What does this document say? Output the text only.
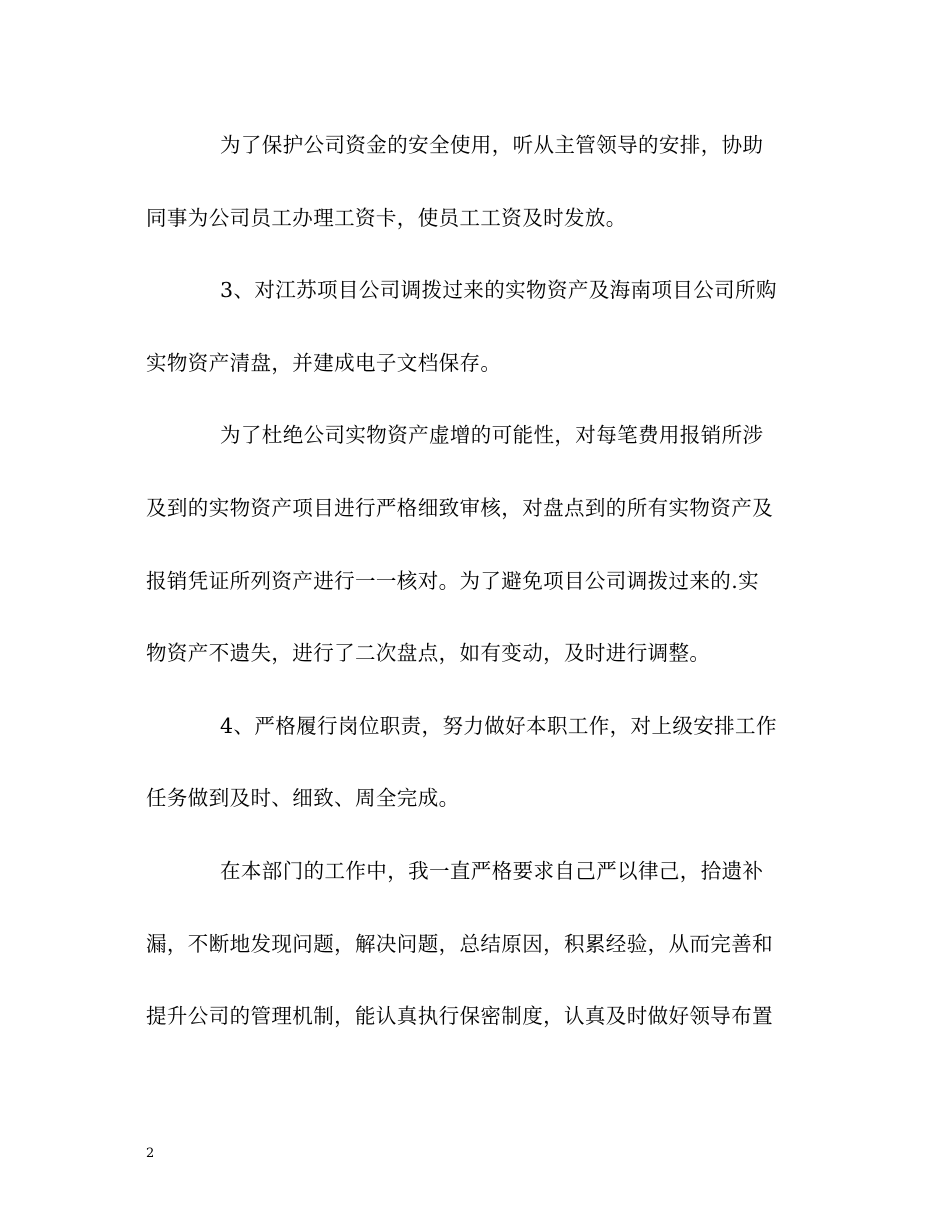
为了保护公司资金的安全使用，听从主管领导的安排，协助
同事为公司员工办理工资卡，使员工工资及时发放。
3、对江苏项目公司调拨过来的实物资产及海南项目公司所购
实物资产清盘，并建成电子文档保存。
为了杜绝公司实物资产虚增的可能性，对每笔费用报销所涉
及到的实物资产项目进行严格细致审核，对盘点到的所有实物资产及
报销凭证所列资产进行一一核对。为了避免项目公司调拨过来的.实
物资产不遗失，进行了二次盘点，如有变动，及时进行调整。
4、严格履行岗位职责，努力做好本职工作，对上级安排工作
任务做到及时、细致、周全完成。
在本部门的工作中，我一直严格要求自己严以律己，拾遗补
漏，不断地发现问题，解决问题，总结原因，积累经验，从而完善和
提升公司的管理机制，能认真执行保密制度，认真及时做好领导布置
2
